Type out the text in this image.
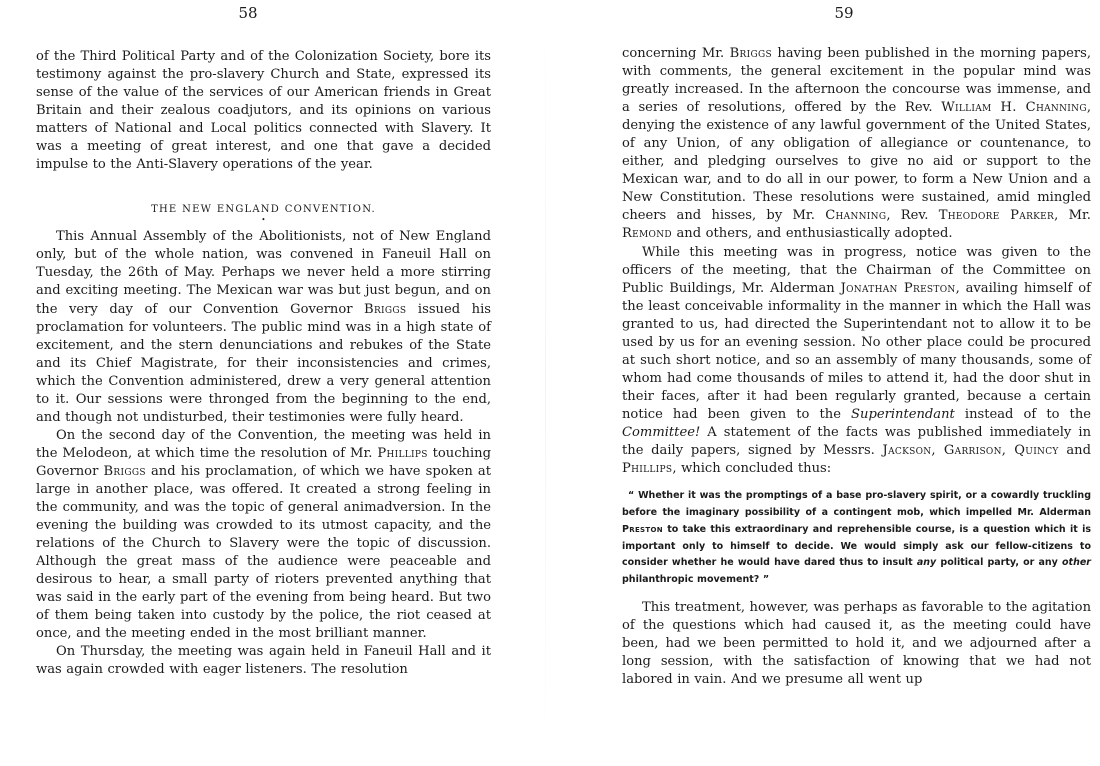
58

of the Third Political Party and of the Colonization Society, bore its testimony against the pro-slavery Church and State, expressed its sense of the value of the services of our American friends in Great Britain and their zealous coadjutors, and its opinions on various matters of National and Local politics connected with Slavery. It was a meeting of great interest, and one that gave a decided impulse to the Anti-Slavery operations of the year.

THE NEW ENGLAND CONVENTION.

•

This Annual Assembly of the Abolitionists, not of New England only, but of the whole nation, was convened in Faneuil Hall on Tuesday, the 26th of May. Perhaps we never held a more stirring and exciting meeting. The Mexican war was but just begun, and on the very day of our Convention Governor Briggs issued his proclamation for volunteers. The public mind was in a high state of excitement, and the stern denunciations and rebukes of the State and its Chief Magistrate, for their inconsistencies and crimes, which the Convention administered, drew a very general attention to it. Our sessions were thronged from the beginning to the end, and though not undisturbed, their testimonies were fully heard.

On the second day of the Convention, the meeting was held in the Melodeon, at which time the resolution of Mr. Phillips touching Governor Briggs and his proclamation, of which we have spoken at large in another place, was offered. It created a strong feeling in the community, and was the topic of general animadversion. In the evening the building was crowded to its utmost capacity, and the relations of the Church to Slavery were the topic of discussion. Although the great mass of the audience were peaceable and desirous to hear, a small party of rioters prevented anything that was said in the early part of the evening from being heard. But two of them being taken into custody by the police, the riot ceased at once, and the meeting ended in the most brilliant manner.

On Thursday, the meeting was again held in Faneuil Hall and it was again crowded with eager listeners. The resolution

59

concerning Mr. Briggs having been published in the morning papers, with comments, the general excitement in the popular mind was greatly increased. In the afternoon the concourse was immense, and a series of resolutions, offered by the Rev. William H. Channing, denying the existence of any lawful government of the United States, of any Union, of any obligation of allegiance or countenance, to either, and pledging ourselves to give no aid or support to the Mexican war, and to do all in our power, to form a New Union and a New Constitution. These resolutions were sustained, amid mingled cheers and hisses, by Mr. Channing, Rev. Theodore Parker, Mr. Remond and others, and enthusiastically adopted.

While this meeting was in progress, notice was given to the officers of the meeting, that the Chairman of the Committee on Public Buildings, Mr. Alderman Jonathan Preston, availing himself of the least conceivable informality in the manner in which the Hall was granted to us, had directed the Superintendant not to allow it to be used by us for an evening session. No other place could be procured at such short notice, and so an assembly of many thousands, some of whom had come thousands of miles to attend it, had the door shut in their faces, after it had been regularly granted, because a certain notice had been given to the Superintendant instead of to the Committee! A statement of the facts was published immediately in the daily papers, signed by Messrs. Jackson, Garrison, Quincy and Phillips, which concluded thus:

“ Whether it was the promptings of a base pro-slavery spirit, or a cowardly truckling before the imaginary possibility of a contingent mob, which impelled Mr. Alderman Preston to take this extraordinary and reprehensible course, is a question which it is important only to himself to decide. We would simply ask our fellow-citizens to consider whether he would have dared thus to insult any political party, or any other philanthropic movement? ”

This treatment, however, was perhaps as favorable to the agitation of the questions which had caused it, as the meeting could have been, had we been permitted to hold it, and we adjourned after a long session, with the satisfaction of knowing that we had not labored in vain. And we presume all went up
